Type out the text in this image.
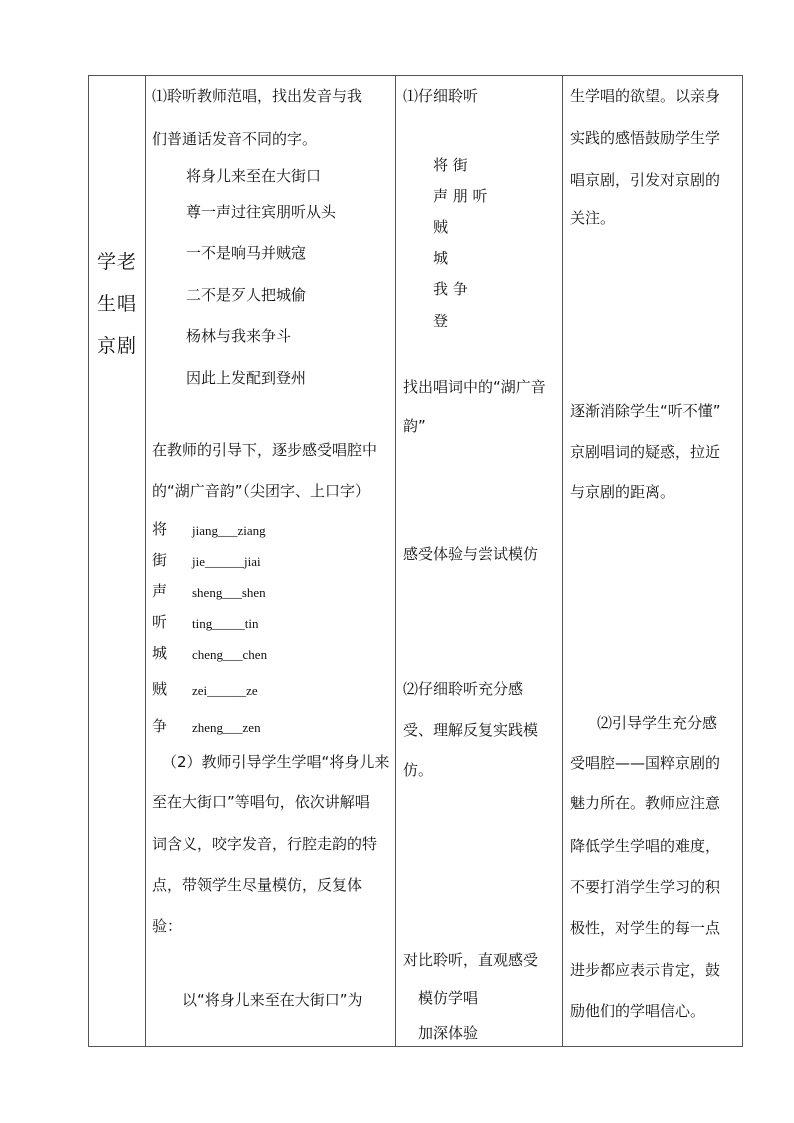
学老
生唱
京剧
⑴聆听教师范唱，找出发音与我
们普通话发音不同的字。
将身儿来至在大街口
尊一声过往宾朋听从头
一不是响马并贼寇
二不是歹人把城偷
杨林与我来争斗
因此上发配到登州
在教师的引导下，逐步感受唱腔中
的“湖广音韵”（尖团字、上口字）
将 jiang___ziang
街 jie______jiai
声 sheng___shen
听 ting_____tin
城 cheng___chen
贼 zei______ze
争 zheng___zen
（2）教师引导学生学唱“将身儿来
至在大街口”等唱句，依次讲解唱
词含义，咬字发音，行腔走韵的特
点，带领学生尽量模仿，反复体
验：
以“将身儿来至在大街口”为
⑴仔细聆听
将 街
声 朋 听
贼
城
我 争
登
找出唱词中的“湖广音
韵”
感受体验与尝试模仿
⑵仔细聆听充分感
受、理解反复实践模
仿。
对比聆听，直观感受
模仿学唱
加深体验
生学唱的欲望。以亲身
实践的感悟鼓励学生学
唱京剧，引发对京剧的
关注。
逐渐消除学生“听不懂”
京剧唱词的疑惑，拉近
与京剧的距离。
⑵引导学生充分感
受唱腔——国粹京剧的
魅力所在。教师应注意
降低学生学唱的难度，
不要打消学生学习的积
极性，对学生的每一点
进步都应表示肯定，鼓
励他们的学唱信心。
